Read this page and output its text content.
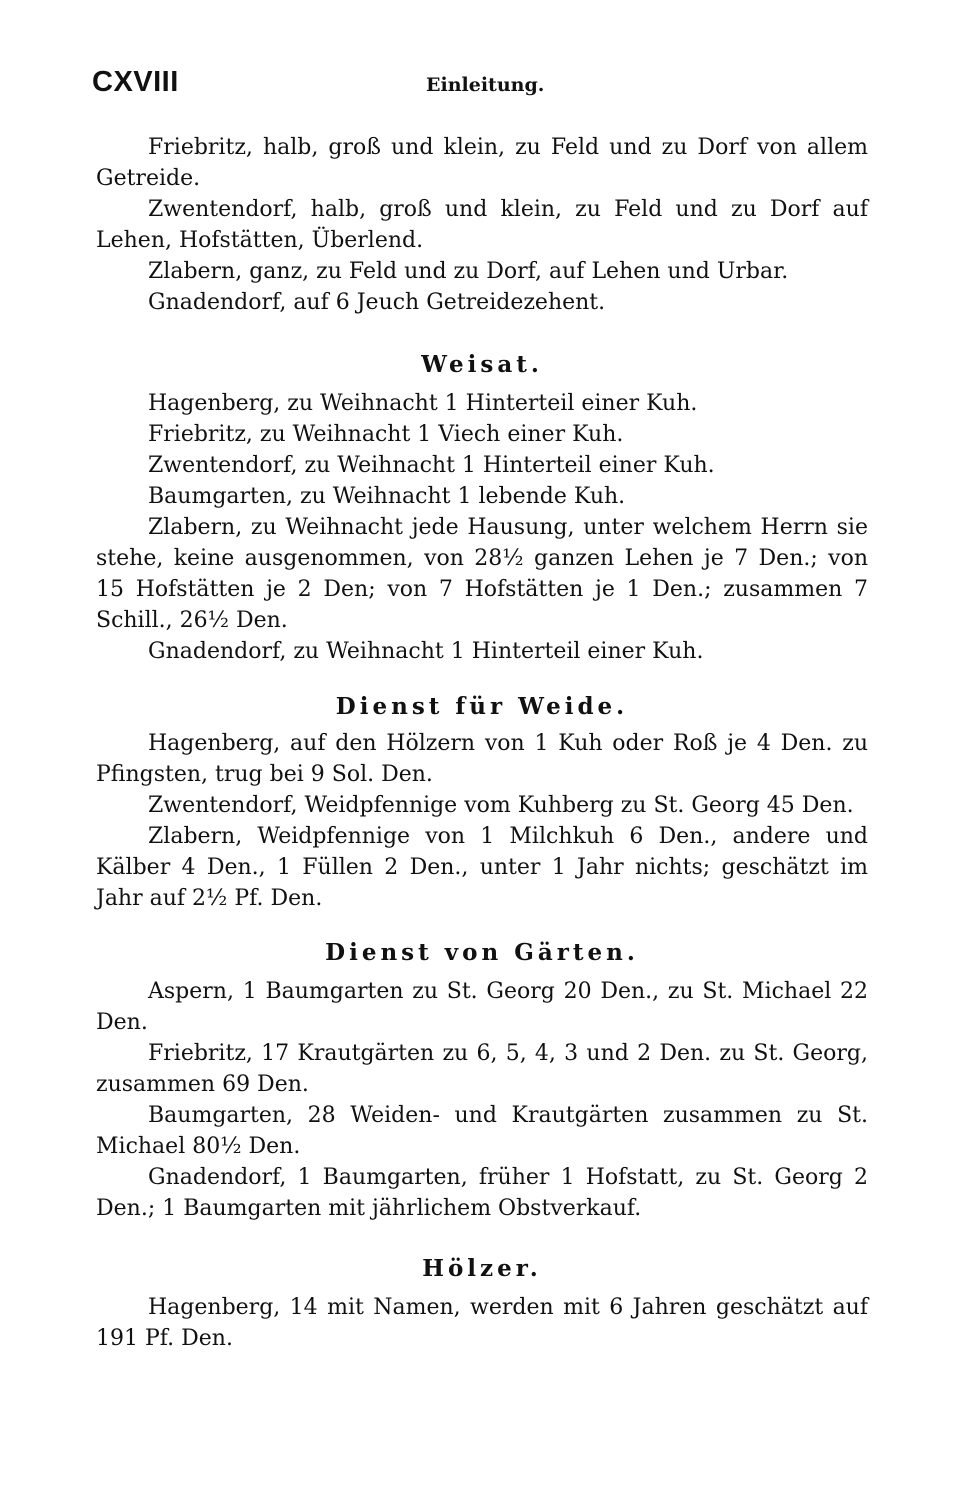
CXVIII	Einleitung.

Friebritz, halb, groß und klein, zu Feld und zu Dorf von allem Getreide.

Zwentendorf, halb, groß und klein, zu Feld und zu Dorf auf Lehen, Hofstätten, Überlend.

Zlabern, ganz, zu Feld und zu Dorf, auf Lehen und Urbar.

Gnadendorf, auf 6 Jeuch Getreidezehent.

Weisat.

Hagenberg, zu Weihnacht 1 Hinterteil einer Kuh.

Friebritz, zu Weihnacht 1 Viech einer Kuh.

Zwentendorf, zu Weihnacht 1 Hinterteil einer Kuh.

Baumgarten, zu Weihnacht 1 lebende Kuh.

Zlabern, zu Weihnacht jede Hausung, unter welchem Herrn sie stehe, keine ausgenommen, von 28½ ganzen Lehen je 7 Den.; von 15 Hofstätten je 2 Den; von 7 Hofstätten je 1 Den.; zusammen 7 Schill., 26½ Den.

Gnadendorf, zu Weihnacht 1 Hinterteil einer Kuh.

Dienst für Weide.

Hagenberg, auf den Hölzern von 1 Kuh oder Roß je 4 Den. zu Pfingsten, trug bei 9 Sol. Den.

Zwentendorf, Weidpfennige vom Kuhberg zu St. Georg 45 Den.

Zlabern, Weidpfennige von 1 Milchkuh 6 Den., andere und Kälber 4 Den., 1 Füllen 2 Den., unter 1 Jahr nichts; geschätzt im Jahr auf 2½ Pf. Den.

Dienst von Gärten.

Aspern, 1 Baumgarten zu St. Georg 20 Den., zu St. Michael 22 Den.

Friebritz, 17 Krautgärten zu 6, 5, 4, 3 und 2 Den. zu St. Georg, zusammen 69 Den.

Baumgarten, 28 Weiden- und Krautgärten zusammen zu St. Michael 80½ Den.

Gnadendorf, 1 Baumgarten, früher 1 Hofstatt, zu St. Georg 2 Den.; 1 Baumgarten mit jährlichem Obstverkauf.

Hölzer.

Hagenberg, 14 mit Namen, werden mit 6 Jahren geschätzt auf 191 Pf. Den.
